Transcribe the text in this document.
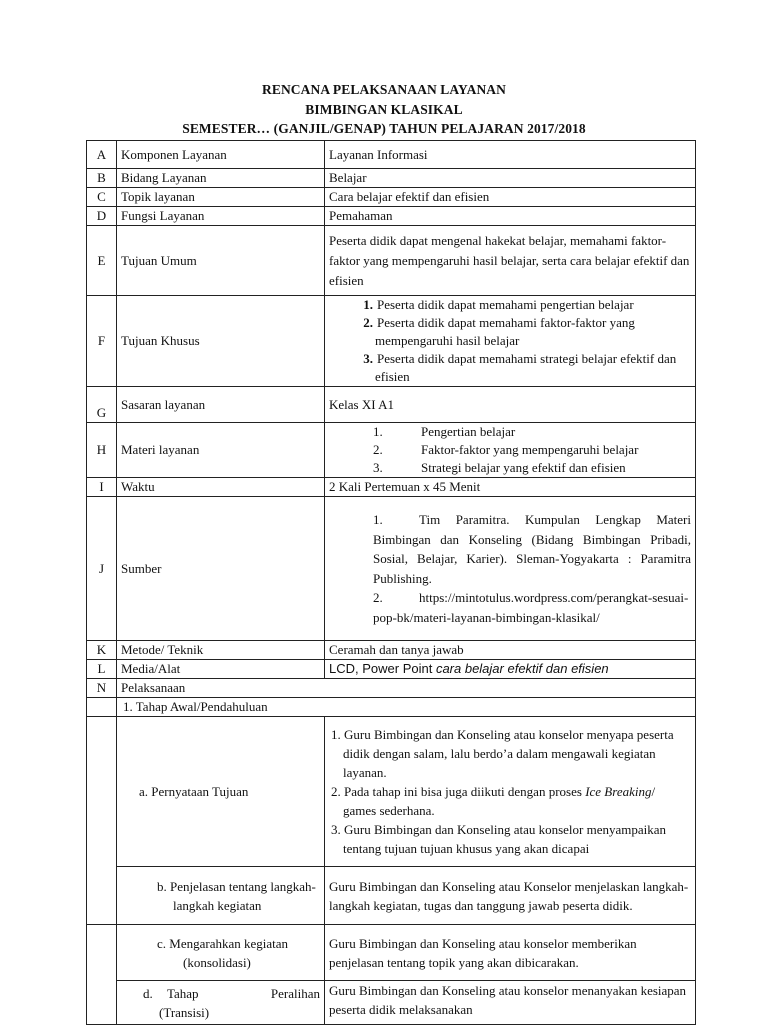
RENCANA PELAKSANAAN LAYANAN
BIMBINGAN KLASIKAL
SEMESTER… (GANJIL/GENAP) TAHUN PELAJARAN 2017/2018
A	Komponen Layanan	Layanan Informasi
B	Bidang Layanan	Belajar
C	Topik layanan	Cara belajar efektif dan efisien
D	Fungsi Layanan	Pemahaman
E	Tujuan Umum	Peserta didik dapat mengenal hakekat belajar, memahami faktor-faktor yang mempengaruhi hasil belajar, serta cara belajar efektif dan efisien
F	Tujuan Khusus	1. Peserta didik dapat memahami pengertian belajar
2. Peserta didik dapat memahami faktor-faktor yang mempengaruhi hasil belajar
3. Peserta didik dapat memahami strategi belajar efektif dan efisien

G	Sasaran layanan	Kelas XI A1
H	Materi layanan	1. Pengertian belajar
2. Faktor-faktor yang mempengaruhi belajar
3. Strategi belajar yang efektif dan efisien

I	Waktu	2 Kali Pertemuan x 45 Menit
J	Sumber	1. Tim Paramitra. Kumpulan Lengkap Materi Bimbingan dan Konseling (Bidang Bimbingan Pribadi, Sosial, Belajar, Karier). Sleman-Yogyakarta : Paramitra Publishing.
2. https://mintotulus.wordpress.com/perangkat-sesuai-pop-bk/materi-layanan-bimbingan-klasikal/

K	Metode/ Teknik	Ceramah dan tanya jawab
L	Media/Alat	LCD, Power Point cara belajar efektif dan efisien
N	Pelaksanaan	
	1. Tahap Awal/Pendahuluan	
	a. Pernyataan Tujuan	1. Guru Bimbingan dan Konseling atau konselor menyapa peserta didik dengan salam, lalu berdo’a dalam mengawali kegiatan layanan.
2. Pada tahap ini bisa juga diikuti dengan proses Ice Breaking/ games sederhana.
3. Guru Bimbingan dan Konseling atau konselor menyampaikan tentang tujuan tujuan khusus yang akan dicapai

	b. Penjelasan tentang langkah-langkah kegiatan	Guru Bimbingan dan Konseling atau Konselor menjelaskan langkah-langkah kegiatan, tugas dan tanggung jawab peserta didik.

	c. Mengarahkan kegiatan (konsolidasi)	Guru Bimbingan dan Konseling atau konselor memberikan penjelasan tentang topik yang akan dibicarakan.

	d.  Tahap          Peralihan (Transisi)	Guru Bimbingan dan Konseling atau konselor menanyakan kesiapan peserta didik melaksanakan
